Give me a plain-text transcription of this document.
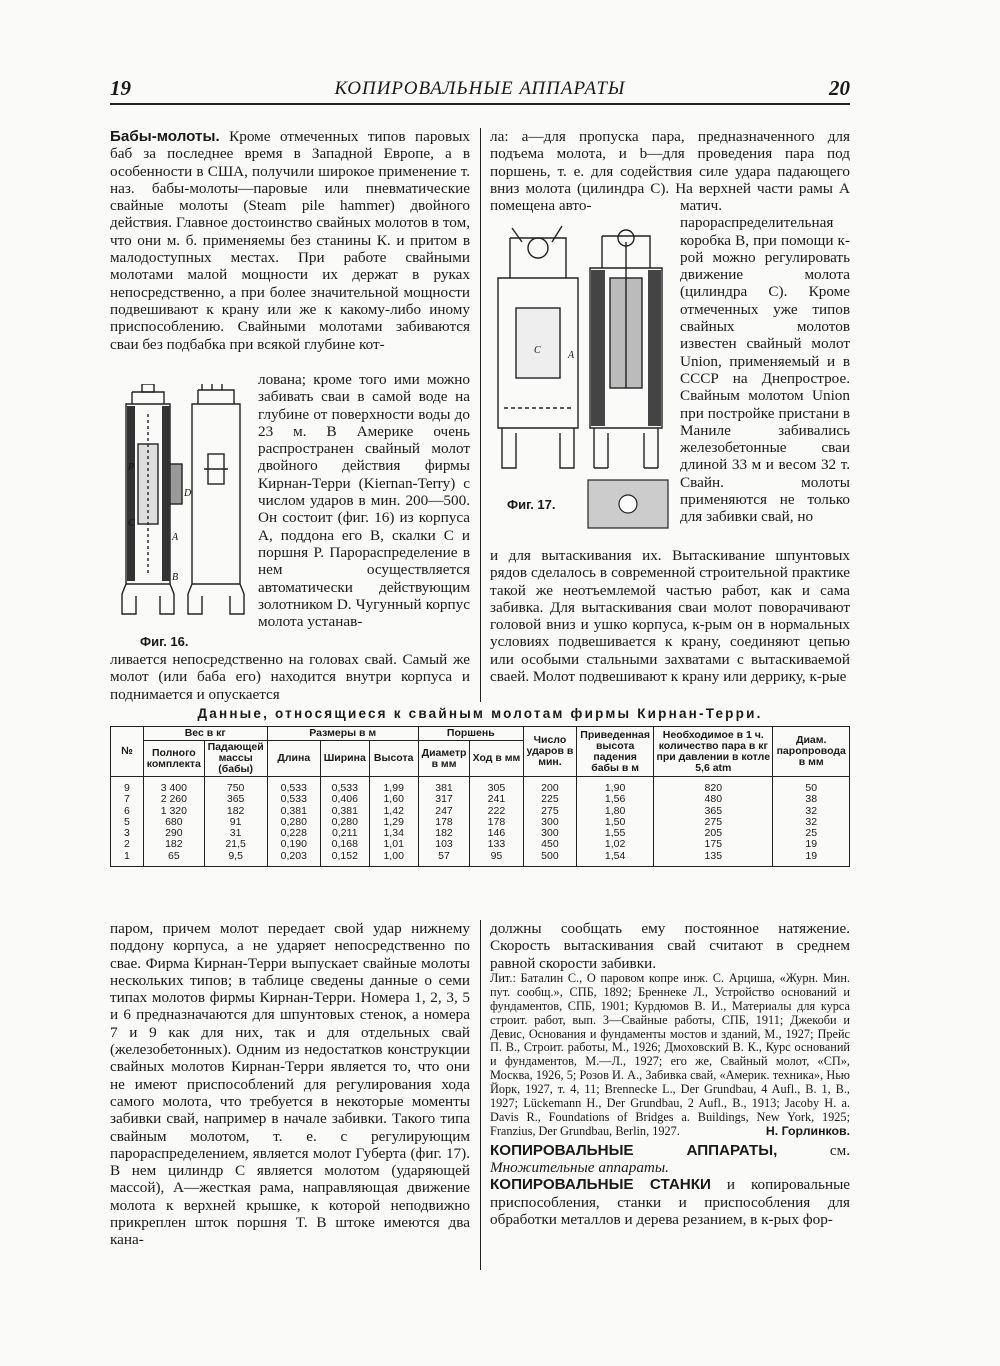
19	КОПИРОВАЛЬНЫЕ АППАРАТЫ	20

Бабы-молоты. Кроме отмеченных типов паровых баб за последнее время в Западной Европе, а в особенности в США, получили широкое применение т. наз. бабы-молоты—паровые или пневматические свайные молоты (Steam pile hammer) двойного действия. Главное достоинство свайных молотов в том, что они м. б. применяемы без станины К. и притом в малодоступных местах. При работе свайными молотами малой мощности их держат в руках непосредственно, а при более значительной мощности подвешивают к крану или же к какому-либо иному приспособлению. Свайными молотами забиваются сваи без подбабка при всякой глубине кот-

лована; кроме того ими можно забивать сваи в самой воде на глубине от поверхности воды до 23 м. В Америке очень распространен свайный молот двойного действия фирмы Кирнан-Терри (Kiernan-Terry) с числом ударов в мин. 200—500. Он состоит (фиг. 16) из корпуса A, поддона его B, скалки C и поршня P. Парораспределение в нем осуществляется автоматически действующим золотником D. Чугунный корпус молота устанав-

ливается непосредственно на головах свай. Самый же молот (или баба его) находится внутри корпуса и поднимается и опускается

P
D
C
A
B
Фиг. 16.

ла: a—для пропуска пара, предназначенного для подъема молота, и b—для проведения пара под поршень, т. е. для содействия силе удара падающего вниз молота (цилиндра C). На верхней части рамы A помещена авто-	матич. парораспределительная коробка B, при помощи к-рой можно регулировать движение молота (цилиндра C). Кроме отмеченных уже типов свайных молотов известен свайный молот Union, применяемый и в СССР на Днепрострое. Свайным молотом Union при постройке пристани в Маниле забивались железобетонные сваи длиной 33 м и весом 32 т. Свайн. молоты применяются не только для забивки свай, но

и для вытаскивания их. Вытаскивание шпунтовых рядов сделалось в современной строительной практике такой же неотъемлемой частью работ, как и сама забивка. Для вытаскивания сваи молот поворачивают головой вниз и ушко корпуса, к-рым он в нормальных условиях подвешивается к крану, соединяют цепью или особыми стальными захватами с вытаскиваемой сваей. Молот подвешивают к крану или деррику, к-рые

C	A
Фиг. 17.
Данные, относящиеся к свайным молотам фирмы Кирнан-Терри.
№	Вес в кг		Размеры в м			Поршень		Число ударов в мин.	Приведенная высота падения бабы в м	Необходимое в 1 ч. количество пара в кг при давлении в котле 5,6 atm	Диам. паропровода в мм
	Полного комплекта	Падающей массы (бабы)	Длина	Ширина	Высота	Диаметр в мм	Ход в мм				
9	3 400	750	0,533	0,533	1,99	381	305	200	1,90	820	50
7	2 260	365	0,533	0,406	1,60	317	241	225	1,56	480	38
6	1 320	182	0,381	0,381	1,42	247	222	275	1,80	365	32
5	680	91	0,280	0,280	1,29	178	178	300	1,50	275	32
3	290	31	0,228	0,211	1,34	182	146	300	1,55	205	25
2	182	21,5	0,190	0,168	1,01	103	133	450	1,02	175	19
1	65	9,5	0,203	0,152	1,00	57	95	500	1,54	135	19

паром, причем молот передает свой удар нижнему поддону корпуса, а не ударяет непосредственно по свае. Фирма Кирнан-Терри выпускает свайные молоты нескольких типов; в таблице сведены данные о семи типах молотов фирмы Кирнан-Терри. Номера 1, 2, 3, 5 и 6 предназначаются для шпунтовых стенок, а номера 7 и 9 как для них, так и для отдельных свай (железобетонных). Одним из недостатков конструкции свайных молотов Кирнан-Терри является то, что они не имеют приспособлений для регулирования хода самого молота, что требуется в некоторые моменты забивки свай, например в начале забивки. Такого типа свайным молотом, т. е. с регулирующим парораспределением, является молот Губерта (фиг. 17). В нем цилиндр C является молотом (ударяющей массой), A—жесткая рама, направляющая движение молота к верхней крышке, к которой неподвижно прикреплен шток поршня T. В штоке имеются два кана-

должны сообщать ему постоянное натяжение. Скорость вытаскивания свай считают в среднем равной скорости забивки.

Лит.: Баталин С., О паровом копре инж. С. Арцишa, «Журн. Мин. пут. сообщ.», СПБ, 1892; Бреннеке Л., Устройство оснований и фундаментов, СПБ, 1901; Курдюмов В. И., Материалы для курса строит. работ, вып. 3—Свайные работы, СПБ, 1911; Джекоби и Девис, Основания и фундаменты мостов и зданий, М., 1927; Прейс П. В., Строит. работы, М., 1926; Дмоховский В. К., Курс оснований и фундаментов, М.—Л., 1927; его же, Свайный молот, «СП», Москва, 1926, 5; Розов И. А., Забивка свай, «Америк. техника», Нью Йорк, 1927, т. 4, 11; Brennecke L., Der Grundbau, 4 Aufl., B. 1, B., 1927; Lückemann H., Der Grundbau, 2 Aufl., B., 1913; Jacoby H. a. Davis R., Foundations of Bridges a. Buildings, New York, 1925; Franzius, Der Grundbau, Berlin, 1927.	Н. Горлинков.

КОПИРОВАЛЬНЫЕ АППАРАТЫ,	см. Множительные аппараты.

КОПИРОВАЛЬНЫЕ СТАНКИ и копировальные приспособления, станки и приспособления для обработки металлов и дерева резанием, в к-рых фор-
